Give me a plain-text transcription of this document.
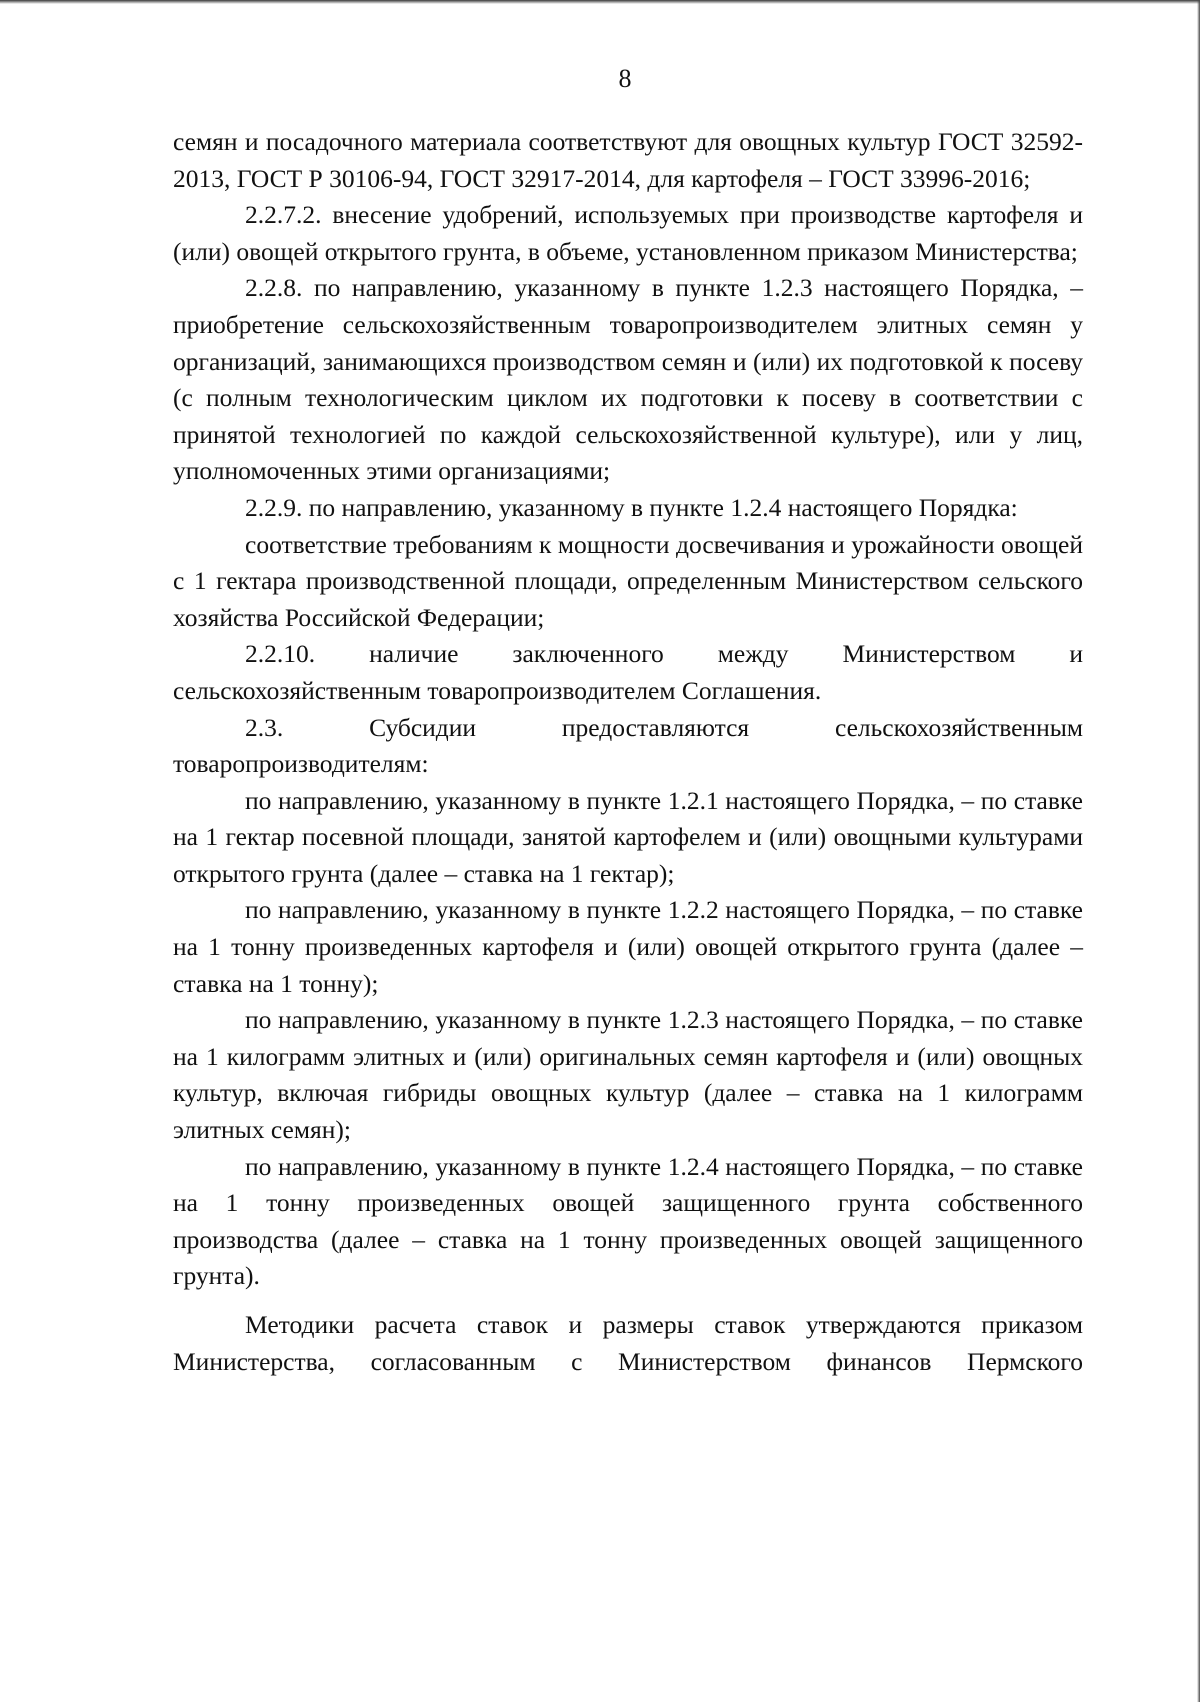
8

семян и посадочного материала соответствуют для овощных культур ГОСТ 32592-2013, ГОСТ Р 30106-94, ГОСТ 32917-2014, для картофеля – ГОСТ 33996-2016;

2.2.7.2. внесение удобрений, используемых при производстве картофеля и (или) овощей открытого грунта, в объеме, установленном приказом Министерства;

2.2.8. по направлению, указанному в пункте 1.2.3 настоящего Порядка, – приобретение сельскохозяйственным товаропроизводителем элитных семян у организаций, занимающихся производством семян и (или) их подготовкой к посеву (с полным технологическим циклом их подготовки к посеву в соответствии с принятой технологией по каждой сельскохозяйственной культуре), или у лиц, уполномоченных этими организациями;

2.2.9. по направлению, указанному в пункте 1.2.4 настоящего Порядка:

соответствие требованиям к мощности досвечивания и урожайности овощей с 1 гектара производственной площади, определенным Министерством сельского хозяйства Российской Федерации;

2.2.10. наличие заключенного между Министерством и сельскохозяйственным товаропроизводителем Соглашения.

2.3. Субсидии предоставляются сельскохозяйственным товаропроизводителям:

по направлению, указанному в пункте 1.2.1 настоящего Порядка, – по ставке на 1 гектар посевной площади, занятой картофелем и (или) овощными культурами открытого грунта (далее – ставка на 1 гектар);

по направлению, указанному в пункте 1.2.2 настоящего Порядка, – по ставке на 1 тонну произведенных картофеля и (или) овощей открытого грунта (далее – ставка на 1 тонну);

по направлению, указанному в пункте 1.2.3 настоящего Порядка, – по ставке на 1 килограмм элитных и (или) оригинальных семян картофеля и (или) овощных культур, включая гибриды овощных культур (далее – ставка на 1 килограмм элитных семян);

по направлению, указанному в пункте 1.2.4 настоящего Порядка, – по ставке на 1 тонну произведенных овощей защищенного грунта собственного производства (далее – ставка на 1 тонну произведенных овощей защищенного грунта).

Методики расчета ставок и размеры ставок утверждаются приказом Министерства, согласованным с Министерством финансов Пермского
